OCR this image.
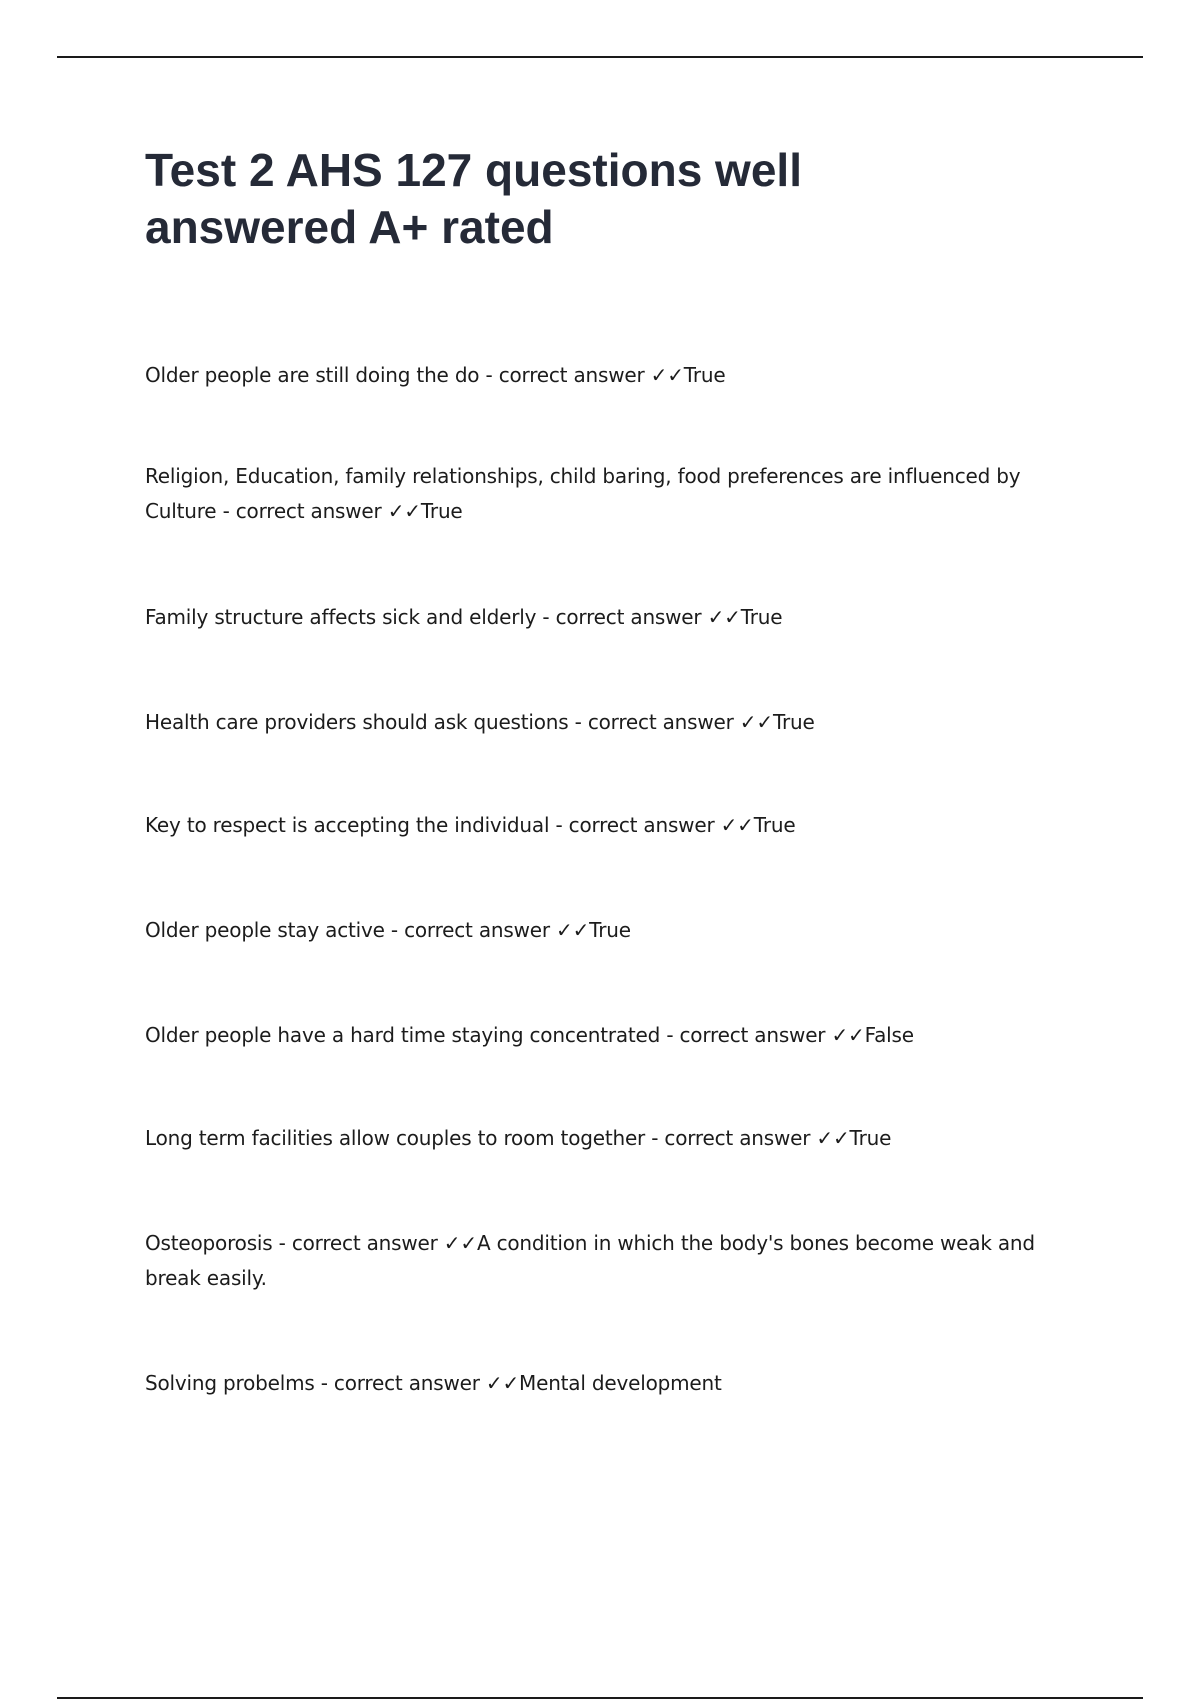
Test 2 AHS 127 questions well answered A+ rated

Older people are still doing the do - correct answer ✓✓True

Religion, Education, family relationships, child baring, food preferences are influenced by Culture - correct answer ✓✓True

Family structure affects sick and elderly - correct answer ✓✓True

Health care providers should ask questions - correct answer ✓✓True

Key to respect is accepting the individual - correct answer ✓✓True

Older people stay active - correct answer ✓✓True

Older people have a hard time staying concentrated - correct answer ✓✓False

Long term facilities allow couples to room together - correct answer ✓✓True

Osteoporosis - correct answer ✓✓A condition in which the body's bones become weak and break easily.

Solving probelms - correct answer ✓✓Mental development
